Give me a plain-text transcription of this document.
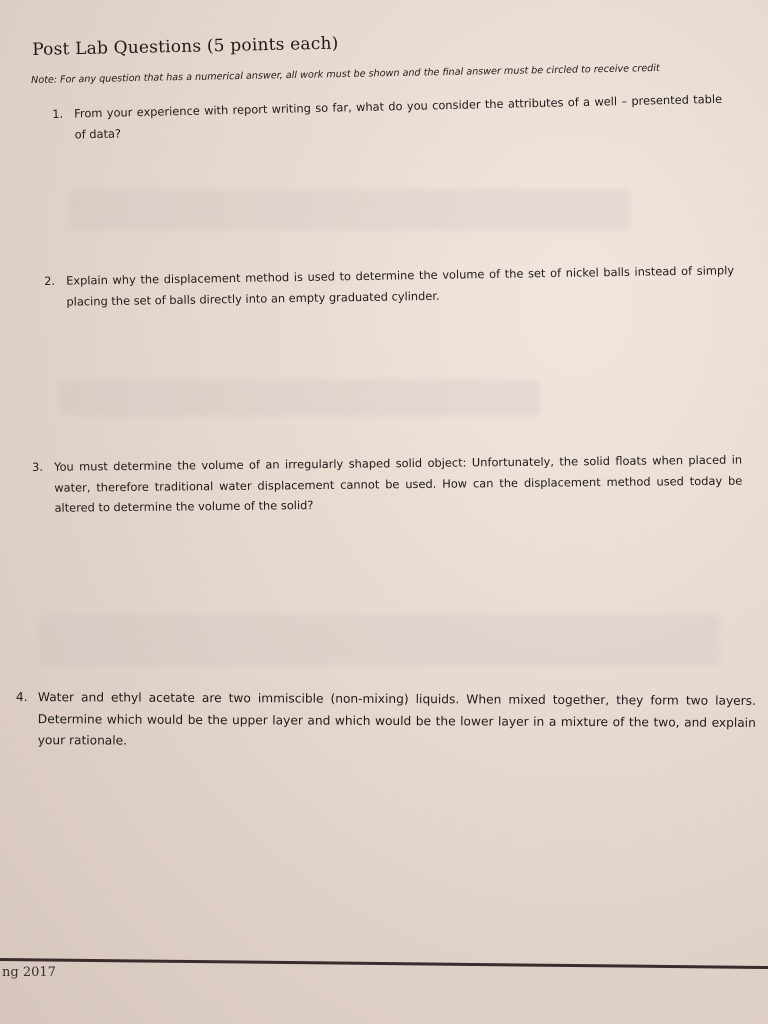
Post Lab Questions (5 points each)
Note: For any question that has a numerical answer, all work must be shown and the final answer must be circled to receive credit
1. From your experience with report writing so far, what do you consider the attributes of a well – presented table of data?
2. Explain why the displacement method is used to determine the volume of the set of nickel balls instead of simply placing the set of balls directly into an empty graduated cylinder.
3. You must determine the volume of an irregularly shaped solid object: Unfortunately, the solid floats when placed in water, therefore traditional water displacement cannot be used. How can the displacement method used today be altered to determine the volume of the solid?
4. Water and ethyl acetate are two immiscible (non-mixing) liquids. When mixed together, they form two layers. Determine which would be the upper layer and which would be the lower layer in a mixture of the two, and explain your rationale.
ng 2017
